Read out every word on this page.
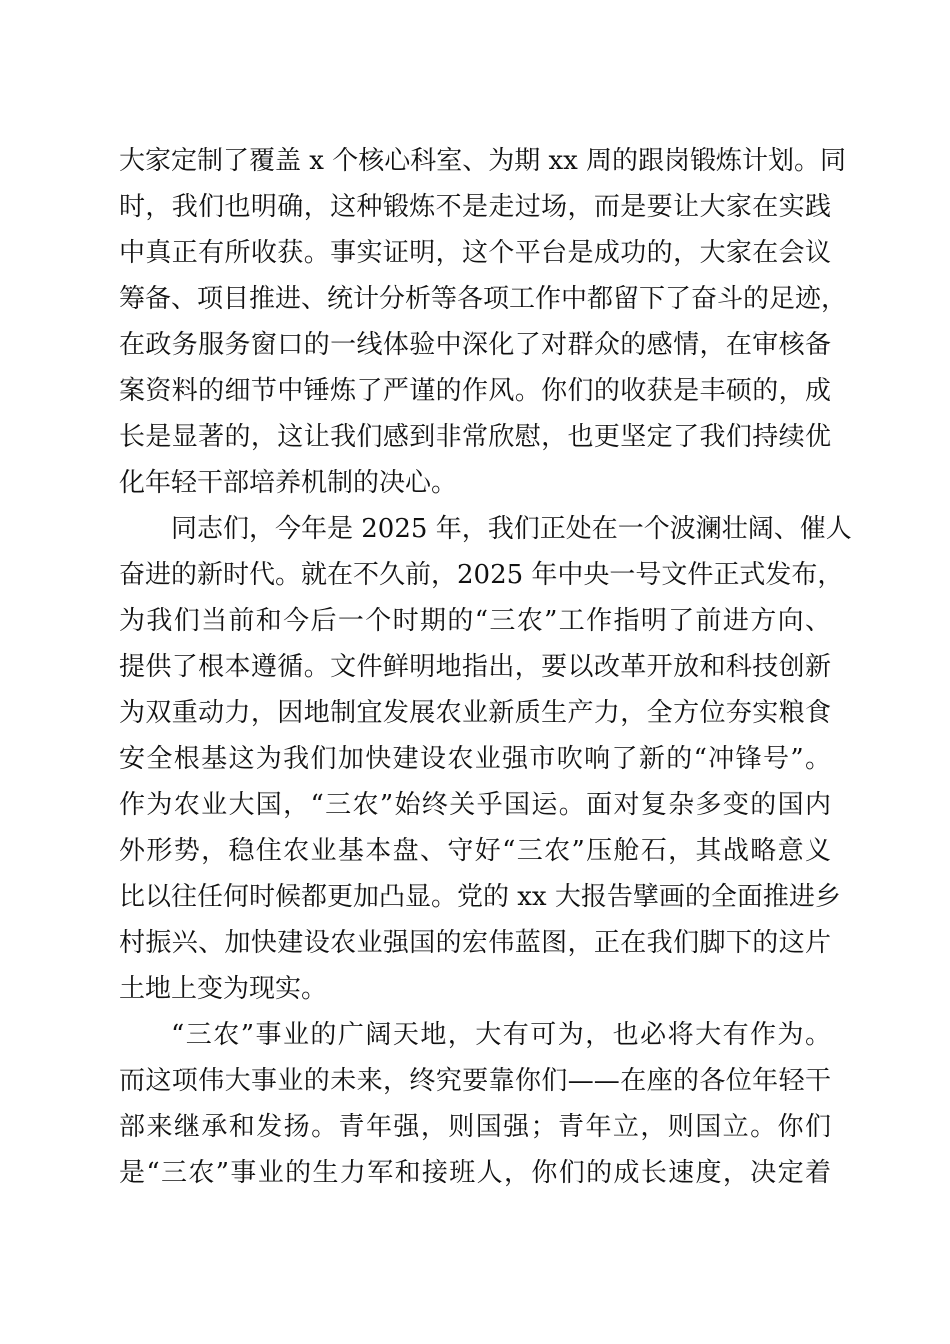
大家定制了覆盖 x 个核心科室、为期 xx 周的跟岗锻炼计划。同
时，我们也明确，这种锻炼不是走过场，而是要让大家在实践
中真正有所收获。事实证明，这个平台是成功的，大家在会议
筹备、项目推进、统计分析等各项工作中都留下了奋斗的足迹，
在政务服务窗口的一线体验中深化了对群众的感情，在审核备
案资料的细节中锤炼了严谨的作风。你们的收获是丰硕的，成
长是显著的，这让我们感到非常欣慰，也更坚定了我们持续优
化年轻干部培养机制的决心。
同志们，今年是 2025 年，我们正处在一个波澜壮阔、催人
奋进的新时代。就在不久前，2025 年中央一号文件正式发布，
为我们当前和今后一个时期的“三农”工作指明了前进方向、
提供了根本遵循。文件鲜明地指出，要以改革开放和科技创新
为双重动力，因地制宜发展农业新质生产力，全方位夯实粮食
安全根基这为我们加快建设农业强市吹响了新的“冲锋号”。
作为农业大国，“三农”始终关乎国运。面对复杂多变的国内
外形势，稳住农业基本盘、守好“三农”压舱石，其战略意义
比以往任何时候都更加凸显。党的 xx 大报告擘画的全面推进乡
村振兴、加快建设农业强国的宏伟蓝图，正在我们脚下的这片
土地上变为现实。
“三农”事业的广阔天地，大有可为，也必将大有作为。
而这项伟大事业的未来，终究要靠你们——在座的各位年轻干
部来继承和发扬。青年强，则国强；青年立，则国立。你们
是“三农”事业的生力军和接班人，你们的成长速度，决定着
